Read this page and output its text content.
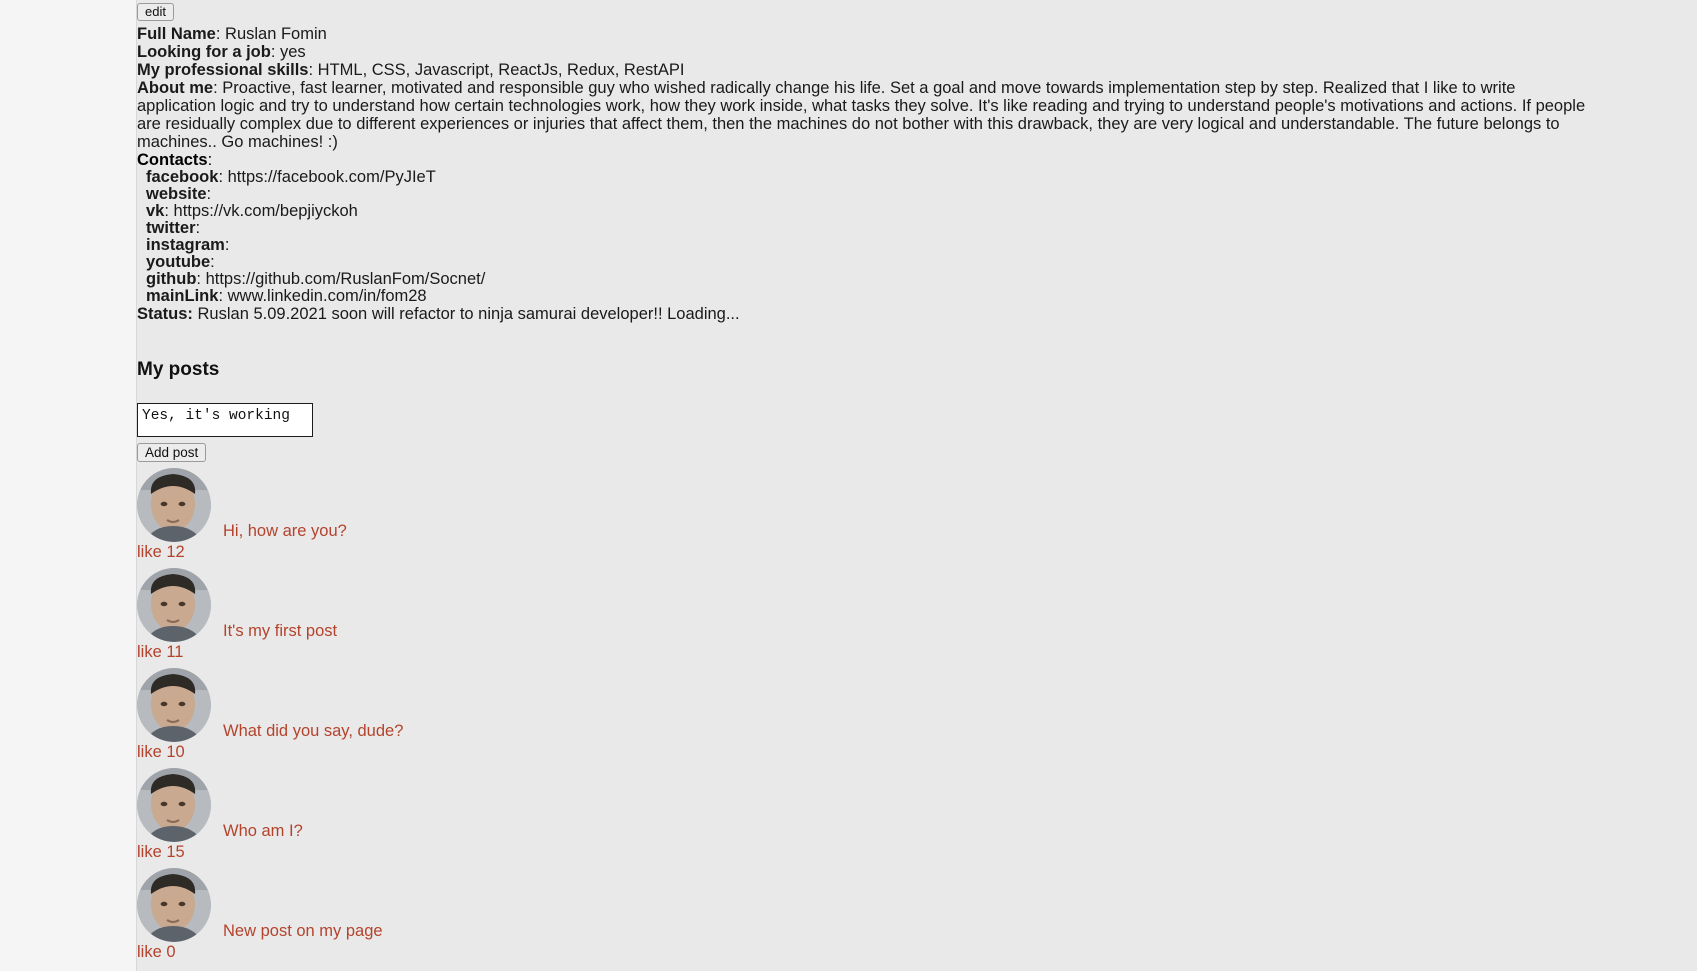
edit
Full Name: Ruslan Fomin
Looking for a job: yes
My professional skills: HTML, CSS, Javascript, ReactJs, Redux, RestAPI
About me: Proactive, fast learner, motivated and responsible guy who wished radically change his life. Set a goal and move towards implementation step by step. Realized that I like to write application logic and try to understand how certain technologies work, how they work inside, what tasks they solve. It's like reading and trying to understand people's motivations and actions. If people are residually complex due to different experiences or injuries that affect them, then the machines do not bother with this drawback, they are very logical and understandable. The future belongs to machines.. Go machines! :)
Contacts:
facebook: https://facebook.com/PyJIeT
website:
vk: https://vk.com/bepjiyckoh
twitter:
instagram:
youtube:
github: https://github.com/RuslanFom/Socnet/
mainLink: www.linkedin.com/in/fom28
Status: Ruslan 5.09.2021 soon will refactor to ninja samurai developer!! Loading...
My posts
Yes, it's working
Add post
Hi, how are you?
like 12
It's my first post
like 11
What did you say, dude?
like 10
Who am I?
like 15
New post on my page
like 0
